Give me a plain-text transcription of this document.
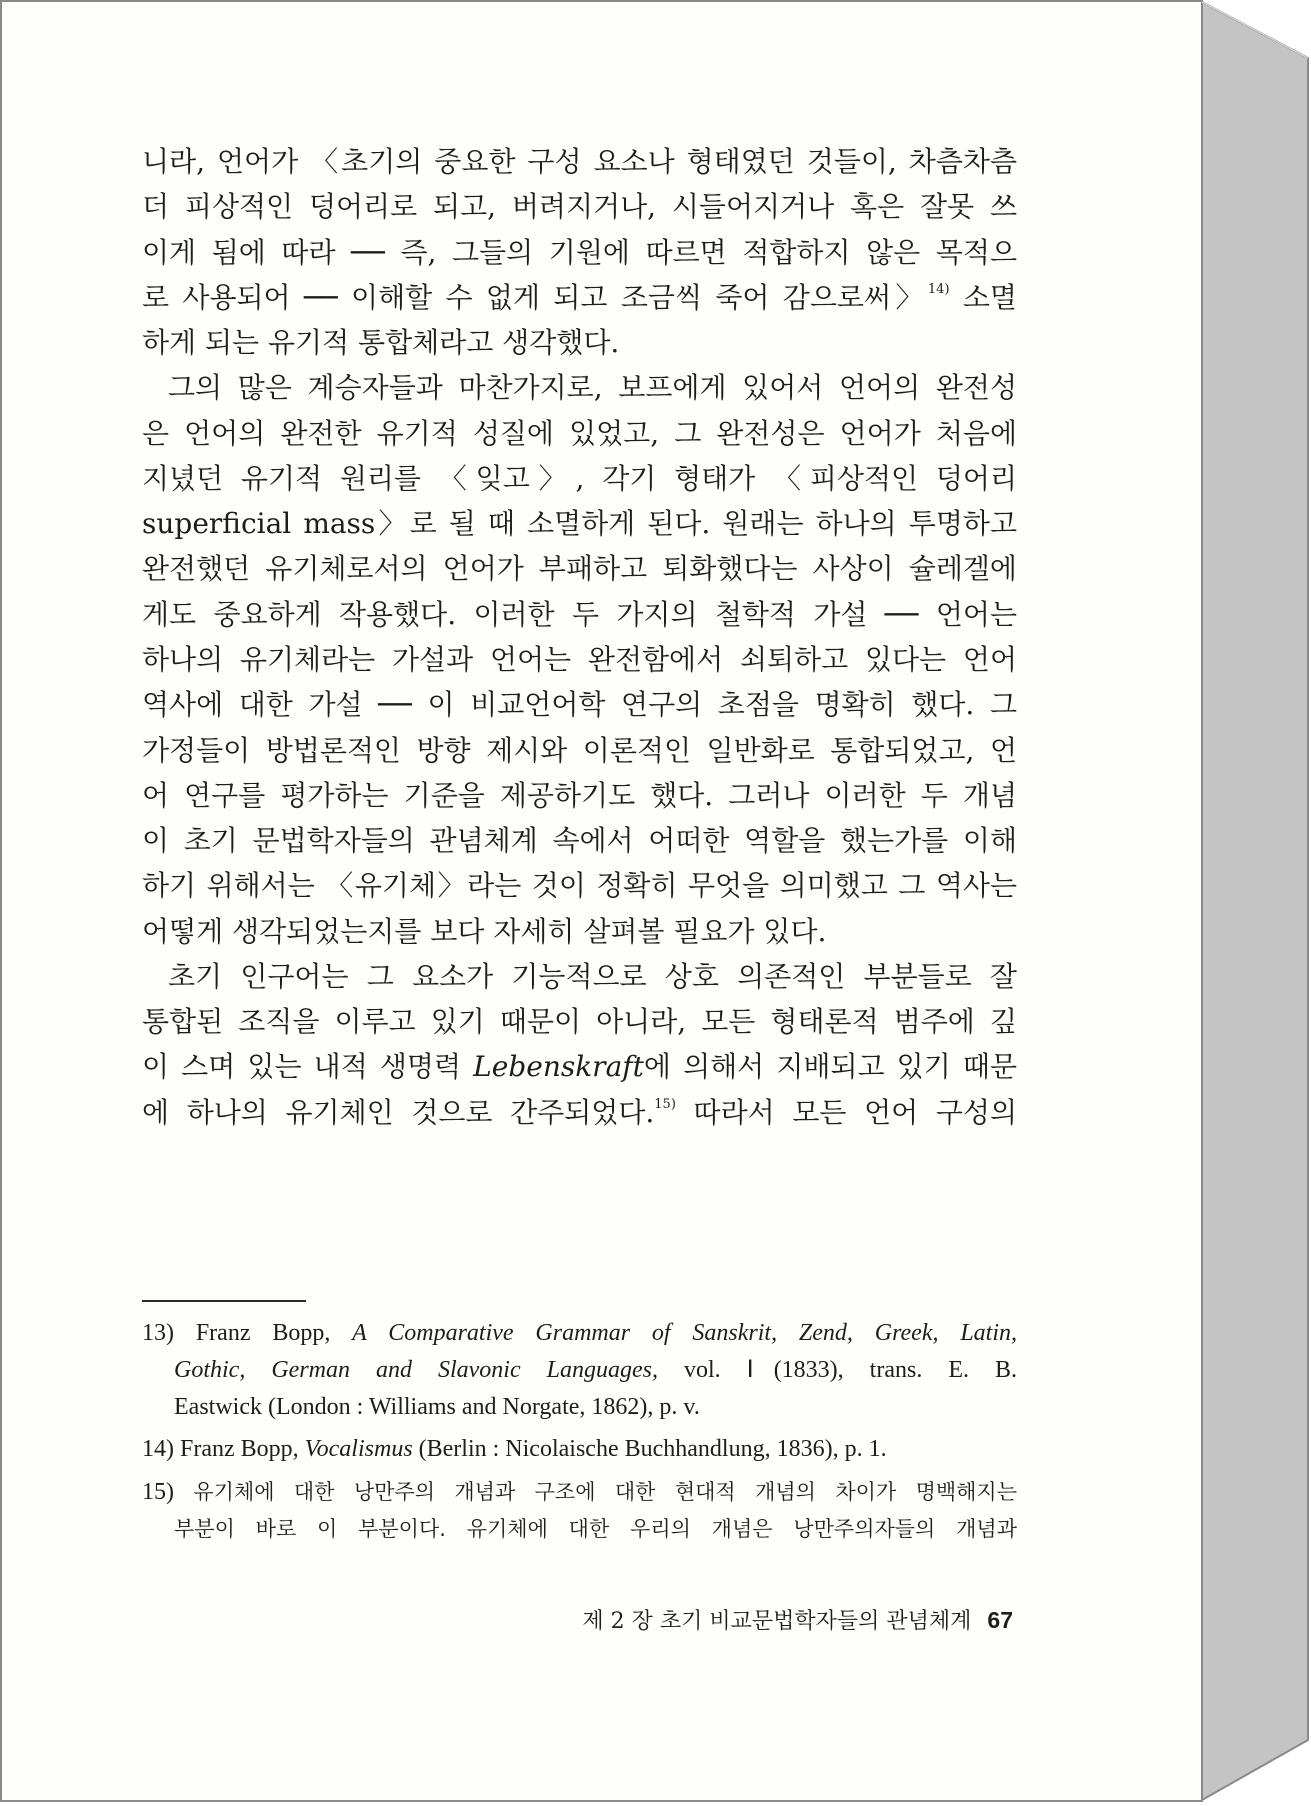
니라, 언어가 〈초기의 중요한 구성 요소나 형태였던 것들이, 차츰차츰
더 피상적인 덩어리로 되고, 버려지거나, 시들어지거나 혹은 잘못 쓰
이게 됨에 따라 ── 즉, 그들의 기원에 따르면 적합하지 않은 목적으
로 사용되어 ── 이해할 수 없게 되고 조금씩 죽어 감으로써〉$^{14)}$ 소멸
하게 되는 유기적 통합체라고 생각했다.
그의 많은 계승자들과 마찬가지로, 보프에게 있어서 언어의 완전성
은 언어의 완전한 유기적 성질에 있었고, 그 완전성은 언어가 처음에
지녔던 유기적 원리를 〈잊고〉, 각기 형태가 〈피상적인 덩어리
superficial mass〉로 될 때 소멸하게 된다. 원래는 하나의 투명하고
완전했던 유기체로서의 언어가 부패하고 퇴화했다는 사상이 슐레겔에
게도 중요하게 작용했다. 이러한 두 가지의 철학적 가설 ── 언어는
하나의 유기체라는 가설과 언어는 완전함에서 쇠퇴하고 있다는 언어
역사에 대한 가설 ── 이 비교언어학 연구의 초점을 명확히 했다. 그
가정들이 방법론적인 방향 제시와 이론적인 일반화로 통합되었고, 언
어 연구를 평가하는 기준을 제공하기도 했다. 그러나 이러한 두 개념
이 초기 문법학자들의 관념체계 속에서 어떠한 역할을 했는가를 이해
하기 위해서는 〈유기체〉라는 것이 정확히 무엇을 의미했고 그 역사는
어떻게 생각되었는지를 보다 자세히 살펴볼 필요가 있다.
초기 인구어는 그 요소가 기능적으로 상호 의존적인 부분들로 잘
통합된 조직을 이루고 있기 때문이 아니라, 모든 형태론적 범주에 깊
이 스며 있는 내적 생명력 Lebenskraft에 의해서 지배되고 있기 때문
에 하나의 유기체인 것으로 간주되었다.$^{15)}$ 따라서 모든 언어 구성의
13) Franz Bopp, A Comparative Grammar of Sanskrit, Zend, Greek, Latin,
Gothic, German and Slavonic Languages, vol. Ⅰ(1833), trans. E. B.
Eastwick (London : Williams and Norgate, 1862), p. v.
14) Franz Bopp, Vocalismus (Berlin : Nicolaische Buchhandlung, 1836), p. 1.
15) 유기체에 대한 낭만주의 개념과 구조에 대한 현대적 개념의 차이가 명백해지는
부분이 바로 이 부분이다. 유기체에 대한 우리의 개념은 낭만주의자들의 개념과
제 2 장 초기 비교문법학자들의 관념체계 67
